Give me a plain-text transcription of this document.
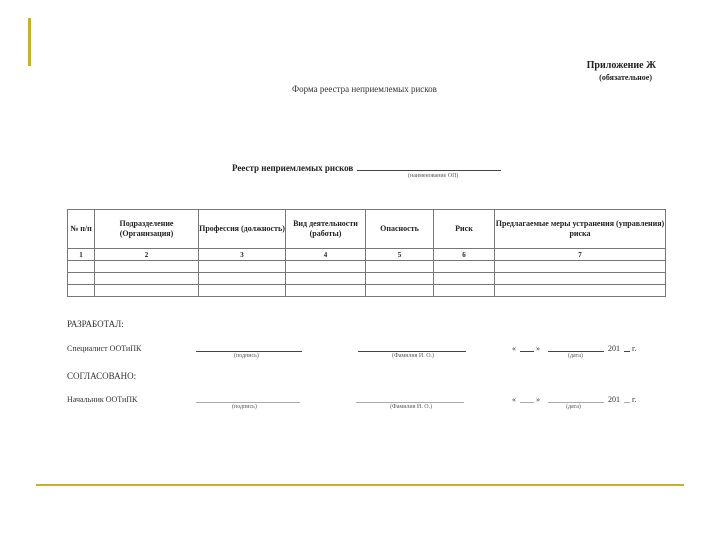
Приложение Ж
(обязательное)
Форма реестра неприемлемых рисков
Реестр неприемлемых рисков
(наименование ОП)
№ п/п	Подразделение (Организация)	Профессия (должность)	Вид деятельности (работы)	Опасность	Риск	Предлагаемые меры устранения (управления) риска
1	2	3	4	5	6	7

РАЗРАБОТАЛ:
Специалист ООТиПК
(подпись)	(Фамилия И. О.)
«	»	201 г.
(дата)
СОГЛАСОВАНО:
Начальник ООТиПК
(подпись)	(Фамилия И. О.)
«	»	201 г.
(дата)
